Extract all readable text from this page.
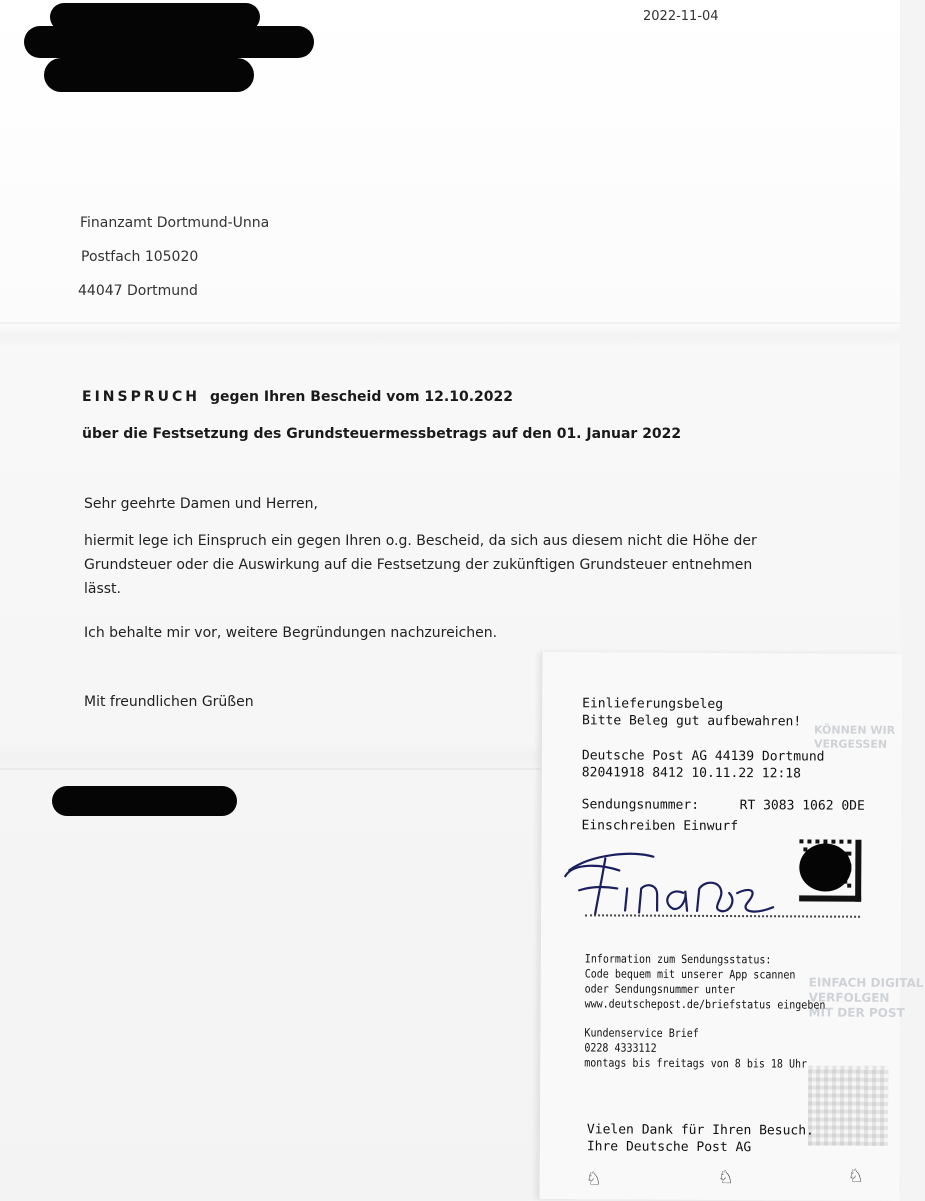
2022-11-04
Finanzamt Dortmund-Unna
Postfach 105020
44047 Dortmund
EINSPRUCH gegen Ihren Bescheid vom 12.10.2022
über die Festsetzung des Grundsteuermessbetrags auf den 01. Januar 2022
Sehr geehrte Damen und Herren,
hiermit lege ich Einspruch ein gegen Ihren o.g. Bescheid, da sich aus diesem nicht die Höhe der
Grundsteuer oder die Auswirkung auf die Festsetzung der zukünftigen Grundsteuer entnehmen lässt.
Ich behalte mir vor, weitere Begründungen nachzureichen.
Mit freundlichen Grüßen
KÖNNEN WIR
VERGESSEN
EINFACH DIGITAL
VERFOLGEN
MIT DER POST
Einlieferungsbeleg
Bitte Beleg gut aufbewahren!
Deutsche Post AG 44139 Dortmund
82041918 8412 10.11.22 12:18
Sendungsnummer:	RT 3083 1062 0DE
Einschreiben Einwurf
Information zum Sendungsstatus:
Code bequem mit unserer App scannen
oder Sendungsnummer unter
www.deutschepost.de/briefstatus eingeben
Kundenservice Brief
0228 4333112
montags bis freitags von 8 bis 18 Uhr
Vielen Dank für Ihren Besuch.
Ihre Deutsche Post AG
♘	♘	♘
